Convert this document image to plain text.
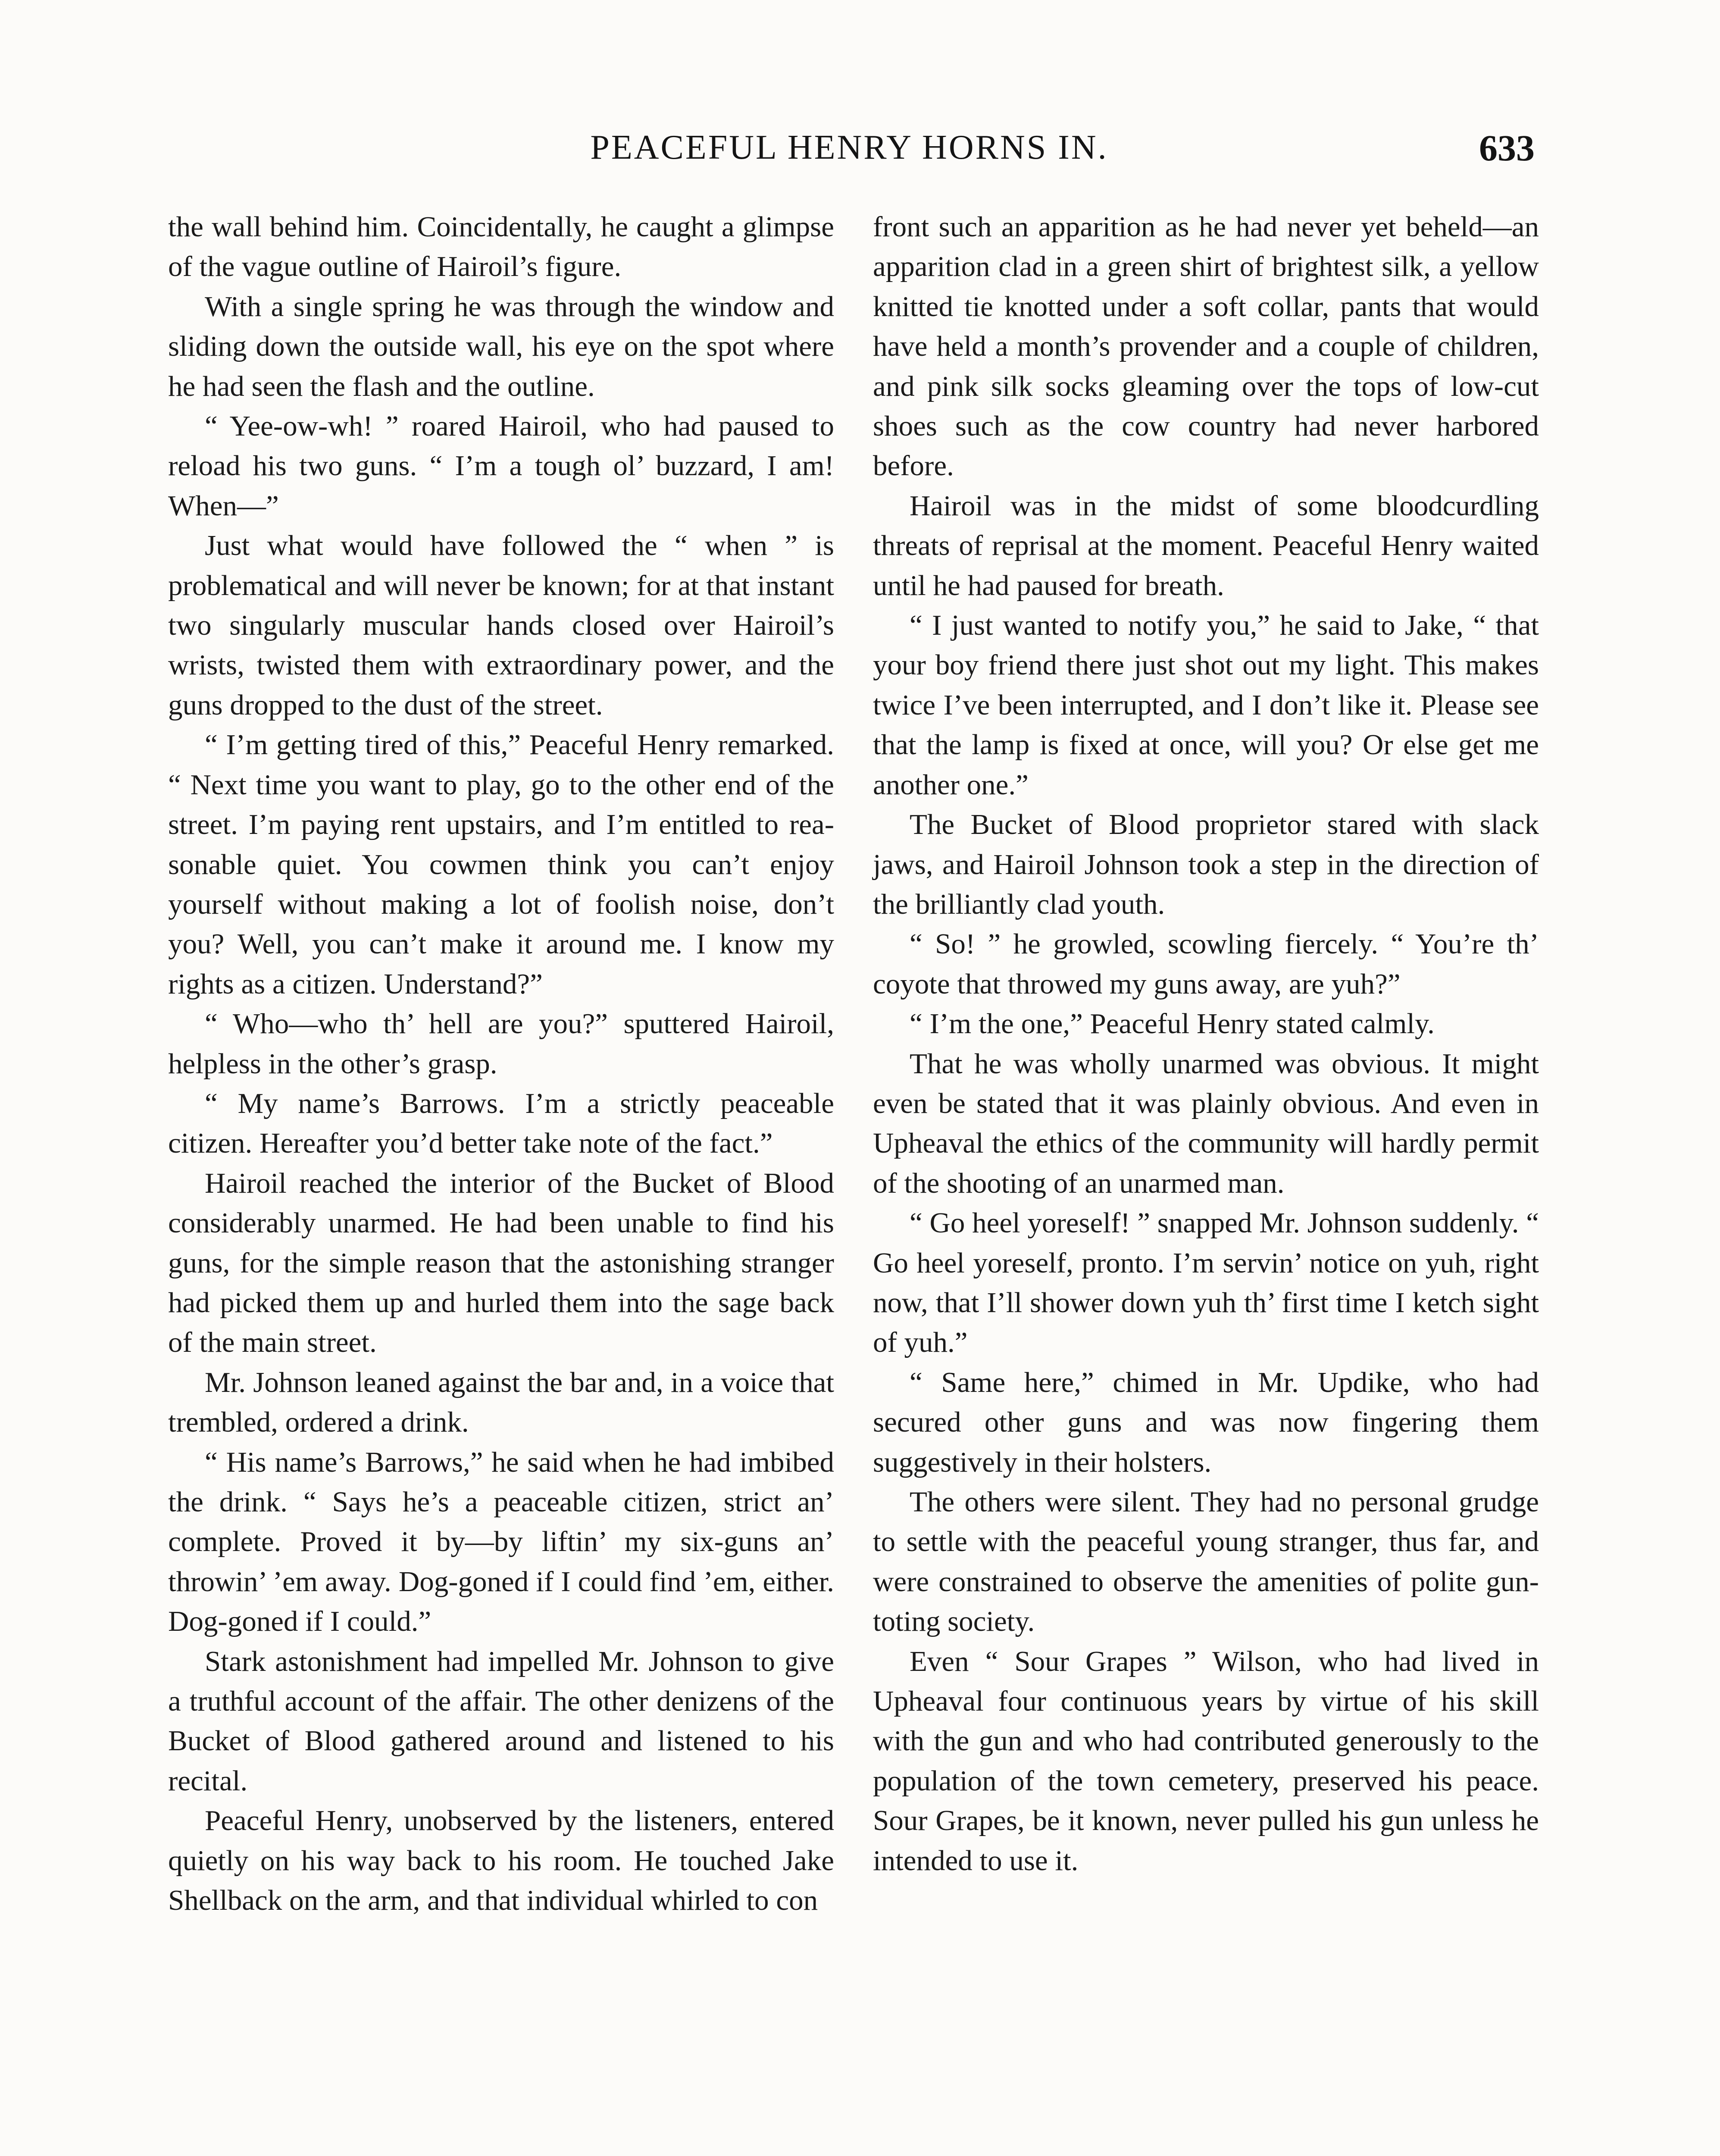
PEACEFUL HENRY HORNS IN.	633

the wall behind him. Coincidentally, he caught a glimpse of the vague outline of Hairoil’s figure.

With a single spring he was through the window and sliding down the outside wall, his eye on the spot where he had seen the flash and the outline.

“ Yee-ow-wh! ” roared Hairoil, who had paused to reload his two guns. “ I’m a tough ol’ buzzard, I am! When—”

Just what would have followed the “ when ” is problematical and will never be known; for at that instant two singularly muscular hands closed over Hairoil’s wrists, twisted them with extraordinary power, and the guns dropped to the dust of the street.

“ I’m getting tired of this,” Peaceful Henry remarked. “ Next time you want to play, go to the other end of the street. I’m paying rent upstairs, and I’m entitled to reasonable quiet. You cowmen think you can’t enjoy yourself without making a lot of foolish noise, don’t you? Well, you can’t make it around me. I know my rights as a citizen. Understand?”

“ Who—who th’ hell are you?” sputtered Hairoil, helpless in the other’s grasp.

“ My name’s Barrows. I’m a strictly peaceable citizen. Hereafter you’d better take note of the fact.”

Hairoil reached the interior of the Bucket of Blood considerably unarmed. He had been unable to find his guns, for the simple reason that the astonishing stranger had picked them up and hurled them into the sage back of the main street.

Mr. Johnson leaned against the bar and, in a voice that trembled, ordered a drink.

“ His name’s Barrows,” he said when he had imbibed the drink. “ Says he’s a peaceable citizen, strict an’ complete. Proved it by—by liftin’ my six-guns an’ throwin’ ’em away. Dog-goned if I could find ’em, either. Dog-goned if I could.”

Stark astonishment had impelled Mr. Johnson to give a truthful account of the affair. The other denizens of the Bucket of Blood gathered around and listened to his recital.

Peaceful Henry, unobserved by the listeners, entered quietly on his way back to his room. He touched Jake Shellback on the arm, and that individual whirled to con

front such an apparition as he had never yet beheld—an apparition clad in a green shirt of brightest silk, a yellow knitted tie knotted under a soft collar, pants that would have held a month’s provender and a couple of children, and pink silk socks gleaming over the tops of low-cut shoes such as the cow country had never harbored before.

Hairoil was in the midst of some bloodcurdling threats of reprisal at the moment. Peaceful Henry waited until he had paused for breath.

“ I just wanted to notify you,” he said to Jake, “ that your boy friend there just shot out my light. This makes twice I’ve been interrupted, and I don’t like it. Please see that the lamp is fixed at once, will you? Or else get me another one.”

The Bucket of Blood proprietor stared with slack jaws, and Hairoil Johnson took a step in the direction of the brilliantly clad youth.

“ So! ” he growled, scowling fiercely. “ You’re th’ coyote that throwed my guns away, are yuh?”

“ I’m the one,” Peaceful Henry stated calmly.

That he was wholly unarmed was obvious. It might even be stated that it was plainly obvious. And even in Upheaval the ethics of the community will hardly permit of the shooting of an unarmed man.

“ Go heel yoreself! ” snapped Mr. Johnson suddenly. “ Go heel yoreself, pronto. I’m servin’ notice on yuh, right now, that I’ll shower down yuh th’ first time I ketch sight of yuh.”

“ Same here,” chimed in Mr. Updike, who had secured other guns and was now fingering them suggestively in their holsters.

The others were silent. They had no personal grudge to settle with the peaceful young stranger, thus far, and were constrained to observe the amenities of polite gun-toting society.

Even “ Sour Grapes ” Wilson, who had lived in Upheaval four continuous years by virtue of his skill with the gun and who had contributed generously to the population of the town cemetery, preserved his peace. Sour Grapes, be it known, never pulled his gun unless he intended to use it.
